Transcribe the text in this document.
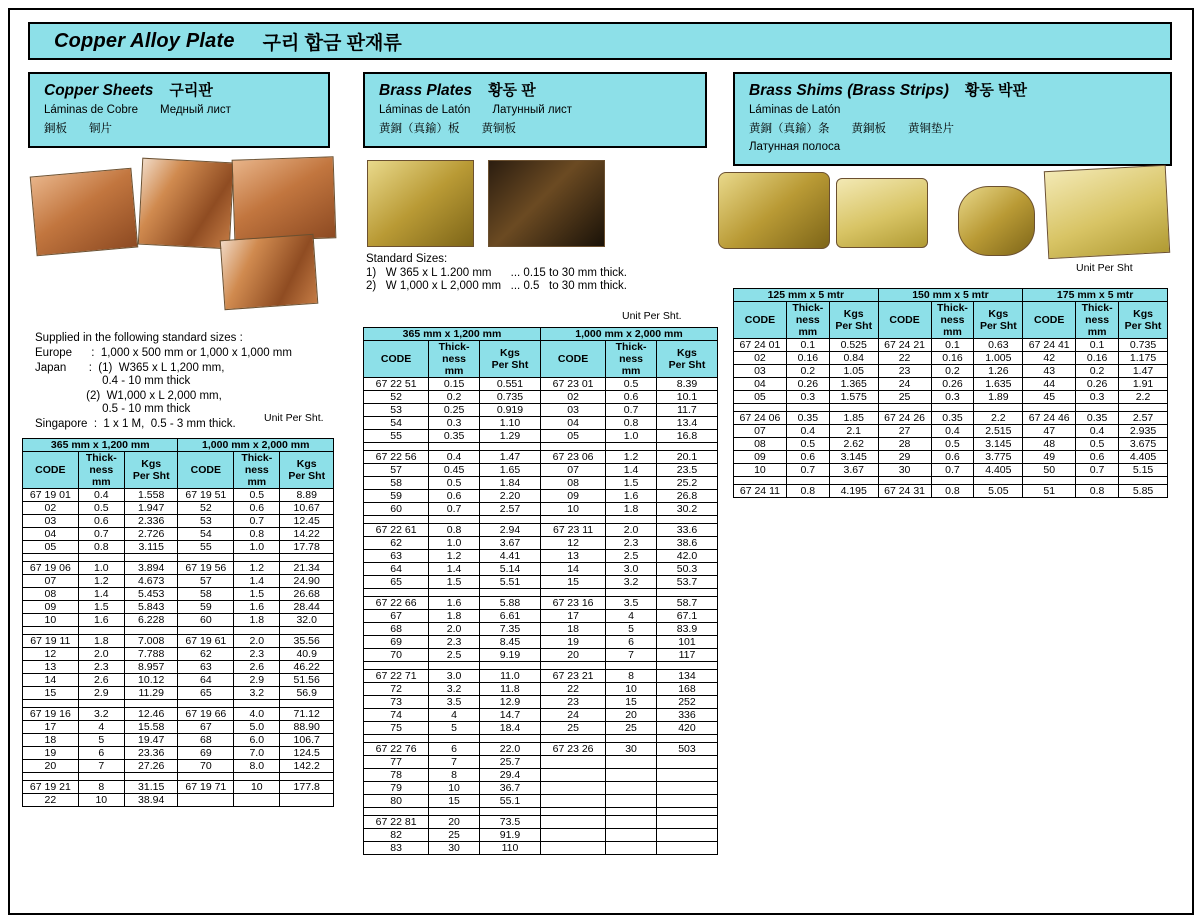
Copper Alloy Plate 구리 합금 판재류
Copper Sheets 구리판
Láminas de Cobre Медный лист
銅板 铜片
Supplied in the following standard sizes :
Europe      :  1,000 x 500 mm or 1,000 x 1,000 mm
Japan       :  (1)  W365 x L 1,200 mm,
0.4 - 10 mm thick
(2)  W1,000 x L 2,000 mm,
0.5 - 10 mm thick
Singapore  :  1 x 1 M,  0.5 - 3 mm thick.	Unit Per Sht.
Brass Plates 황동 판
Láminas de Latón Латунный лист
黄銅（真鍮）板 黄铜板
Standard Sizes:
1)   W 365 x L 1.200 mm      ... 0.15 to 30 mm thick.
2)   W 1,000 x L 2,000 mm   ... 0.5   to 30 mm thick.
Unit Per Sht.
Brass Shims (Brass Strips) 황동 박판
Láminas de Latón
黄銅（真鍮）条 黄銅板 黄铜垫片
Латунная полоса
Unit Per Sht
365 mm x 1,200 mm			1,000 mm x 2,000 mm		
CODE	Thick-
ness
mm	Kgs
Per Sht	CODE	Thick-
ness
mm	Kgs
Per Sht
67 19 01	0.4	1.558	67 19 51	0.5	8.89
02	0.5	1.947	52	0.6	10.67
03	0.6	2.336	53	0.7	12.45
04	0.7	2.726	54	0.8	14.22
05	0.8	3.115	55	1.0	17.78

67 19 06	1.0	3.894	67 19 56	1.2	21.34
07	1.2	4.673	57	1.4	24.90
08	1.4	5.453	58	1.5	26.68
09	1.5	5.843	59	1.6	28.44
10	1.6	6.228	60	1.8	32.0

67 19 11	1.8	7.008	67 19 61	2.0	35.56
12	2.0	7.788	62	2.3	40.9
13	2.3	8.957	63	2.6	46.22
14	2.6	10.12	64	2.9	51.56
15	2.9	11.29	65	3.2	56.9

67 19 16	3.2	12.46	67 19 66	4.0	71.12
17	4	15.58	67	5.0	88.90
18	5	19.47	68	6.0	106.7
19	6	23.36	69	7.0	124.5
20	7	27.26	70	8.0	142.2

67 19 21	8	31.15	67 19 71	10	177.8
22	10	38.94			
365 mm x 1,200 mm			1,000 mm x 2,000 mm		
CODE	Thick-
ness
mm	Kgs
Per Sht	CODE	Thick-
ness
mm	Kgs
Per Sht
67 22 51	0.15	0.551	67 23 01	0.5	8.39
52	0.2	0.735	02	0.6	10.1
53	0.25	0.919	03	0.7	11.7
54	0.3	1.10	04	0.8	13.4
55	0.35	1.29	05	1.0	16.8

67 22 56	0.4	1.47	67 23 06	1.2	20.1
57	0.45	1.65	07	1.4	23.5
58	0.5	1.84	08	1.5	25.2
59	0.6	2.20	09	1.6	26.8
60	0.7	2.57	10	1.8	30.2

67 22 61	0.8	2.94	67 23 11	2.0	33.6
62	1.0	3.67	12	2.3	38.6
63	1.2	4.41	13	2.5	42.0
64	1.4	5.14	14	3.0	50.3
65	1.5	5.51	15	3.2	53.7

67 22 66	1.6	5.88	67 23 16	3.5	58.7
67	1.8	6.61	17	4	67.1
68	2.0	7.35	18	5	83.9
69	2.3	8.45	19	6	101
70	2.5	9.19	20	7	117

67 22 71	3.0	11.0	67 23 21	8	134
72	3.2	11.8	22	10	168
73	3.5	12.9	23	15	252
74	4	14.7	24	20	336
75	5	18.4	25	25	420

67 22 76	6	22.0	67 23 26	30	503
77	7	25.7			
78	8	29.4			
79	10	36.7			
80	15	55.1			

67 22 81	20	73.5			
82	25	91.9			
83	30	110			
125 mm x 5 mtr			150 mm x 5 mtr			175 mm x 5 mtr		
CODE	Thick-
ness
mm	Kgs
Per Sht	CODE	Thick-
ness
mm	Kgs
Per Sht	CODE	Thick-
ness
mm	Kgs
Per Sht
67 24 01	0.1	0.525	67 24 21	0.1	0.63	67 24 41	0.1	0.735
02	0.16	0.84	22	0.16	1.005	42	0.16	1.175
03	0.2	1.05	23	0.2	1.26	43	0.2	1.47
04	0.26	1.365	24	0.26	1.635	44	0.26	1.91
05	0.3	1.575	25	0.3	1.89	45	0.3	2.2

67 24 06	0.35	1.85	67 24 26	0.35	2.2	67 24 46	0.35	2.57
07	0.4	2.1	27	0.4	2.515	47	0.4	2.935
08	0.5	2.62	28	0.5	3.145	48	0.5	3.675
09	0.6	3.145	29	0.6	3.775	49	0.6	4.405
10	0.7	3.67	30	0.7	4.405	50	0.7	5.15

67 24 11	0.8	4.195	67 24 31	0.8	5.05	51	0.8	5.85
